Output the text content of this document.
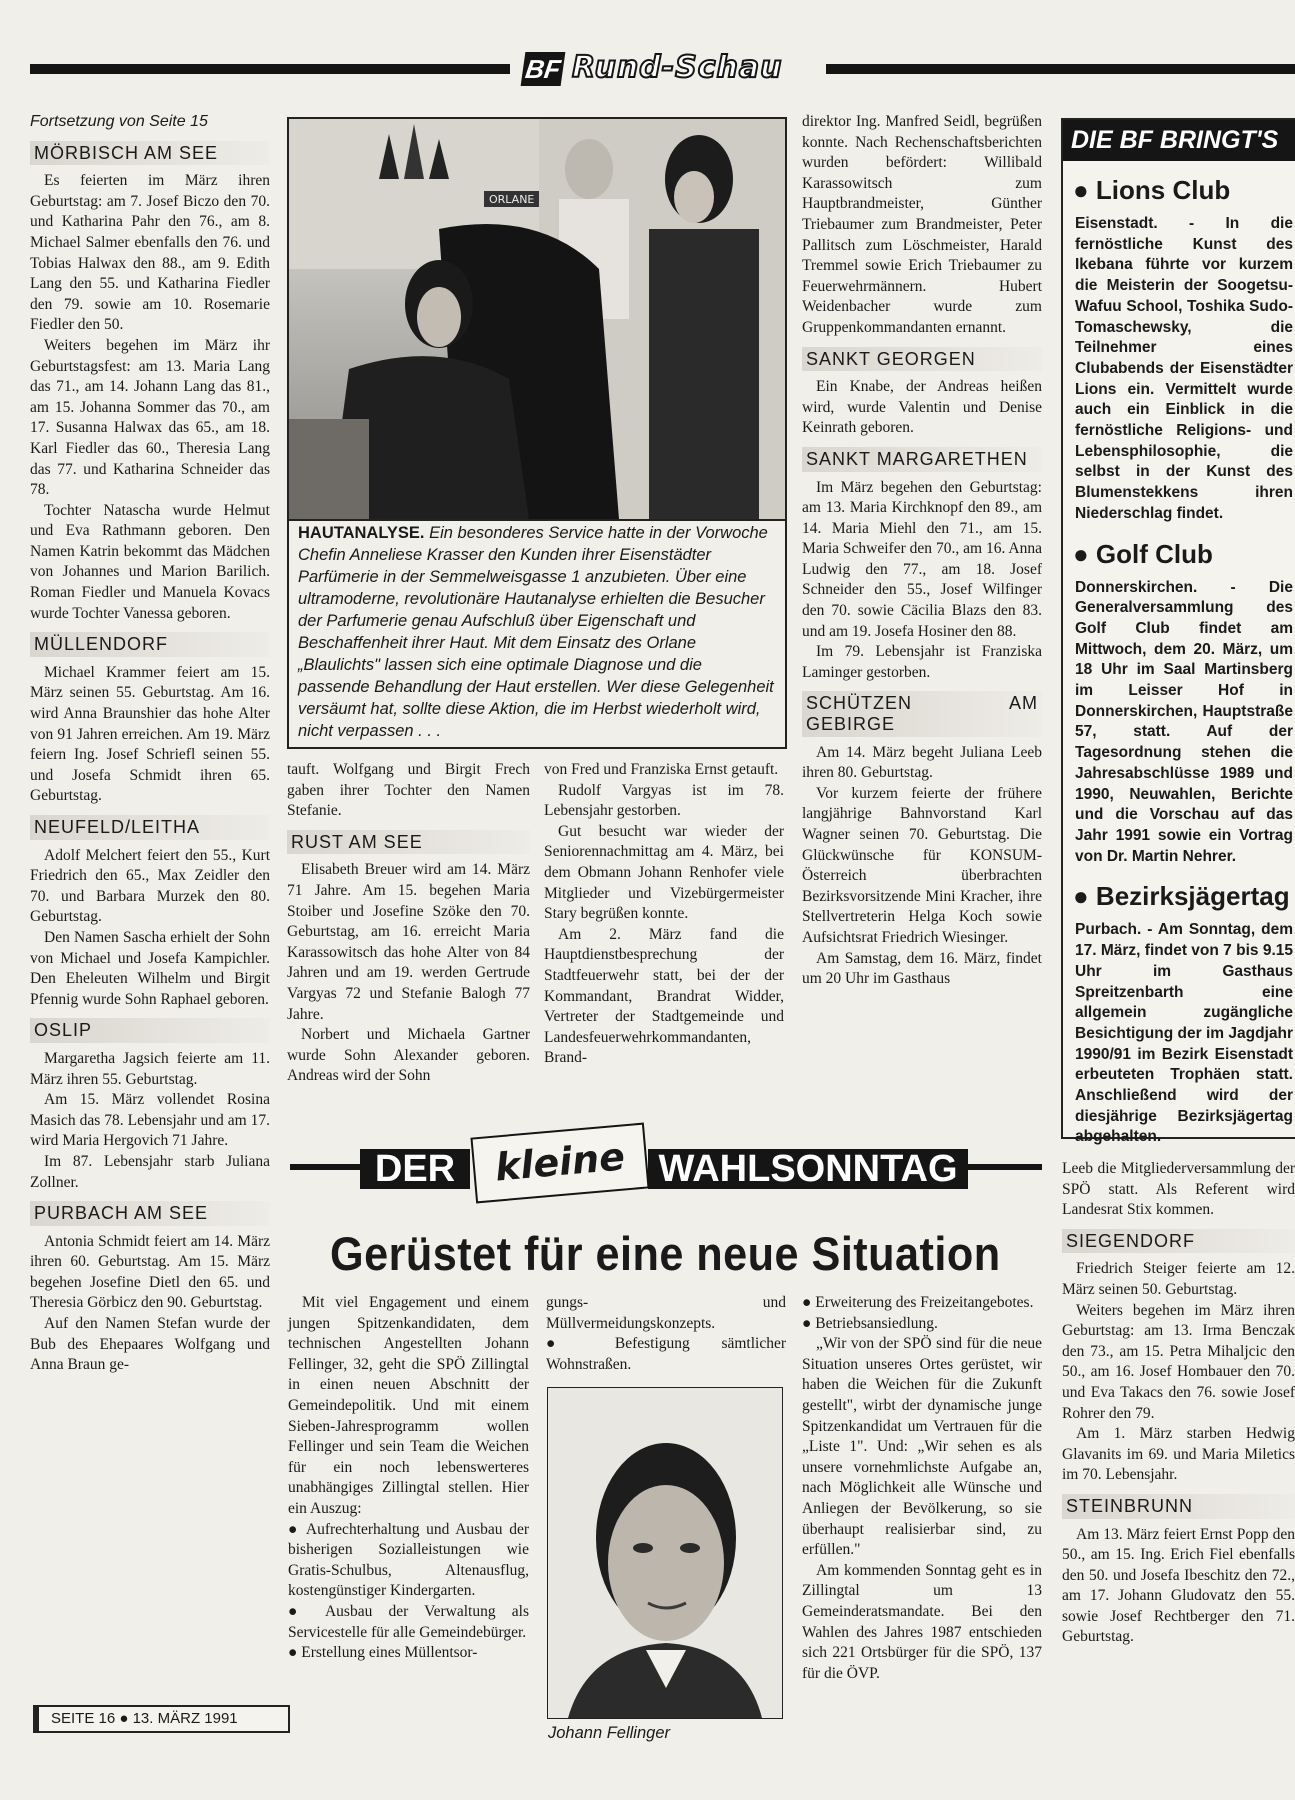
BF Rund-Schau
Fortsetzung von Seite 15
MÖRBISCH AM SEE

Es feierten im März ihren Geburtstag: am 7. Josef Biczo den 70. und Katharina Pahr den 76., am 8. Michael Salmer ebenfalls den 76. und Tobias Halwax den 88., am 9. Edith Lang den 55. und Katharina Fiedler den 79. sowie am 10. Rosemarie Fiedler den 50.

Weiters begehen im März ihr Geburtstagsfest: am 13. Maria Lang das 71., am 14. Johann Lang das 81., am 15. Johanna Sommer das 70., am 17. Susanna Halwax das 65., am 18. Karl Fiedler das 60., Theresia Lang das 77. und Katharina Schneider das 78.

Tochter Natascha wurde Helmut und Eva Rathmann geboren. Den Namen Katrin bekommt das Mädchen von Johannes und Marion Barilich. Roman Fiedler und Manuela Kovacs wurde Tochter Vanessa geboren.

MÜLLENDORF

Michael Krammer feiert am 15. März seinen 55. Geburtstag. Am 16. wird Anna Braunshier das hohe Alter von 91 Jahren erreichen. Am 19. März feiern Ing. Josef Schriefl seinen 55. und Josefa Schmidt ihren 65. Geburtstag.

NEUFELD/LEITHA

Adolf Melchert feiert den 55., Kurt Friedrich den 65., Max Zeidler den 70. und Barbara Murzek den 80. Geburtstag.

Den Namen Sascha erhielt der Sohn von Michael und Josefa Kampichler. Den Eheleuten Wilhelm und Birgit Pfennig wurde Sohn Raphael geboren.

OSLIP

Margaretha Jagsich feierte am 11. März ihren 55. Geburtstag.

Am 15. März vollendet Rosina Masich das 78. Lebensjahr und am 17. wird Maria Hergovich 71 Jahre.

Im 87. Lebensjahr starb Juliana Zollner.

PURBACH AM SEE

Antonia Schmidt feiert am 14. März ihren 60. Geburtstag. Am 15. März begehen Josefine Dietl den 65. und Theresia Görbicz den 90. Geburtstag.

Auf den Namen Stefan wurde der Bub des Ehepaares Wolfgang und Anna Braun ge-

ORLANE
HAUTANALYSE. Ein besonderes Service hatte in der Vorwoche Chefin Anneliese Krasser den Kunden ihrer Eisenstädter Parfümerie in der Semmelweisgasse 1 anzubieten. Über eine ultramoderne, revolutionäre Hautanalyse erhielten die Besucher der Parfumerie genau Aufschluß über Eigenschaft und Beschaffenheit ihrer Haut. Mit dem Einsatz des Orlane „Blaulichts" lassen sich eine optimale Diagnose und die passende Behandlung der Haut erstellen. Wer diese Gelegenheit versäumt hat, sollte diese Aktion, die im Herbst wiederholt wird, nicht verpassen . . .

tauft. Wolfgang und Birgit Frech gaben ihrer Tochter den Namen Stefanie.

RUST AM SEE

Elisabeth Breuer wird am 14. März 71 Jahre. Am 15. begehen Maria Stoiber und Josefine Szöke den 70. Geburtstag, am 16. erreicht Maria Karassowitsch das hohe Alter von 84 Jahren und am 19. werden Gertrude Vargyas 72 und Stefanie Balogh 77 Jahre.

Norbert und Michaela Gartner wurde Sohn Alexander geboren. Andreas wird der Sohn

von Fred und Franziska Ernst getauft.

Rudolf Vargyas ist im 78. Lebensjahr gestorben.

Gut besucht war wieder der Seniorennachmittag am 4. März, bei dem Obmann Johann Renhofer viele Mitglieder und Vizebürgermeister Stary begrüßen konnte.

Am 2. März fand die Hauptdienstbesprechung der Stadtfeuerwehr statt, bei der der Kommandant, Brandrat Widder, Vertreter der Stadtgemeinde und Landesfeuerwehrkommandanten, Brand-

direktor Ing. Manfred Seidl, begrüßen konnte. Nach Rechenschaftsberichten wurden befördert: Willibald Karassowitsch zum Hauptbrandmeister, Günther Triebaumer zum Brandmeister, Peter Pallitsch zum Löschmeister, Harald Tremmel sowie Erich Triebaumer zu Feuerwehrmännern. Hubert Weidenbacher wurde zum Gruppenkommandanten ernannt.

SANKT GEORGEN

Ein Knabe, der Andreas heißen wird, wurde Valentin und Denise Keinrath geboren.

SANKT MARGARETHEN

Im März begehen den Geburtstag: am 13. Maria Kirchknopf den 89., am 14. Maria Miehl den 71., am 15. Maria Schweifer den 70., am 16. Anna Ludwig den 77., am 18. Josef Schneider den 55., Josef Wilfinger den 70. sowie Cäcilia Blazs den 83. und am 19. Josefa Hosiner den 88.

Im 79. Lebensjahr ist Franziska Laminger gestorben.

SCHÜTZEN AM GEBIRGE

Am 14. März begeht Juliana Leeb ihren 80. Geburtstag.

Vor kurzem feierte der frühere langjährige Bahnvorstand Karl Wagner seinen 70. Geburtstag. Die Glückwünsche für KONSUM-Österreich überbrachten Bezirksvorsitzende Mini Kracher, ihre Stellvertreterin Helga Koch sowie Aufsichtsrat Friedrich Wiesinger.

Am Samstag, dem 16. März, findet um 20 Uhr im Gasthaus

DIE BF BRINGT'S
● Lions Club
Eisenstadt. - In die fernöstliche Kunst des Ikebana führte vor kurzem die Meisterin der Soogetsu-Wafuu School, Toshika Sudo-Tomaschewsky, die Teilnehmer eines Clubabends der Eisenstädter Lions ein. Vermittelt wurde auch ein Einblick in die fernöstliche Religions- und Lebensphilosophie, die selbst in der Kunst des Blumenstekkens ihren Niederschlag findet.
● Golf Club
Donnerskirchen. - Die Generalversammlung des Golf Club findet am Mittwoch, dem 20. März, um 18 Uhr im Saal Martinsberg im Leisser Hof in Donnerskirchen, Hauptstraße 57, statt. Auf der Tagesordnung stehen die Jahresabschlüsse 1989 und 1990, Neuwahlen, Berichte und die Vorschau auf das Jahr 1991 sowie ein Vortrag von Dr. Martin Nehrer.
● Bezirksjägertag
Purbach. - Am Sonntag, dem 17. März, findet von 7 bis 9.15 Uhr im Gasthaus Spreitzenbarth eine allgemein zugängliche Besichtigung der im Jagdjahr 1990/91 im Bezirk Eisenstadt erbeuteten Trophäen statt. Anschließend wird der diesjährige Bezirksjägertag abgehalten.

Leeb die Mitgliederversammlung der SPÖ statt. Als Referent wird Landesrat Stix kommen.

SIEGENDORF

Friedrich Steiger feierte am 12. März seinen 50. Geburtstag.

Weiters begehen im März ihren Geburtstag: am 13. Irma Benczak den 73., am 15. Petra Mihaljcic den 50., am 16. Josef Hombauer den 70. und Eva Takacs den 76. sowie Josef Rohrer den 79.

Am 1. März starben Hedwig Glavanits im 69. und Maria Miletics im 70. Lebensjahr.

STEINBRUNN

Am 13. März feiert Ernst Popp den 50., am 15. Ing. Erich Fiel ebenfalls den 50. und Josefa Ibeschitz den 72., am 17. Johann Gludovatz den 55. sowie Josef Rechtberger den 71. Geburtstag.

DER	kleine WAHLSONNTAG
Gerüstet für eine neue Situation

Mit viel Engagement und einem jungen Spitzenkandidaten, dem technischen Angestellten Johann Fellinger, 32, geht die SPÖ Zillingtal in einen neuen Abschnitt der Gemeindepolitik. Und mit einem Sieben-Jahresprogramm wollen Fellinger und sein Team die Weichen für ein noch lebenswerteres unabhängiges Zillingtal stellen. Hier ein Auszug:

● Aufrechterhaltung und Ausbau der bisherigen Sozialleistungen wie Gratis-Schulbus, Altenausflug, kostengünstiger Kindergarten.

● Ausbau der Verwaltung als Servicestelle für alle Gemeindebürger.

● Erstellung eines Müllentsor-

gungs- und Müllvermeidungskonzepts.

● Befestigung sämtlicher Wohnstraßen.

Johann Fellinger

● Erweiterung des Freizeitangebotes.

● Betriebsansiedlung.

„Wir von der SPÖ sind für die neue Situation unseres Ortes gerüstet, wir haben die Weichen für die Zukunft gestellt", wirbt der dynamische junge Spitzenkandidat um Vertrauen für die „Liste 1". Und: „Wir sehen es als unsere vornehmlichste Aufgabe an, nach Möglichkeit alle Wünsche und Anliegen der Bevölkerung, so sie überhaupt realisierbar sind, zu erfüllen."

Am kommenden Sonntag geht es in Zillingtal um 13 Gemeinderatsmandate. Bei den Wahlen des Jahres 1987 entschieden sich 221 Ortsbürger für die SPÖ, 137 für die ÖVP.

SEITE 16 ● 13. MÄRZ 1991
